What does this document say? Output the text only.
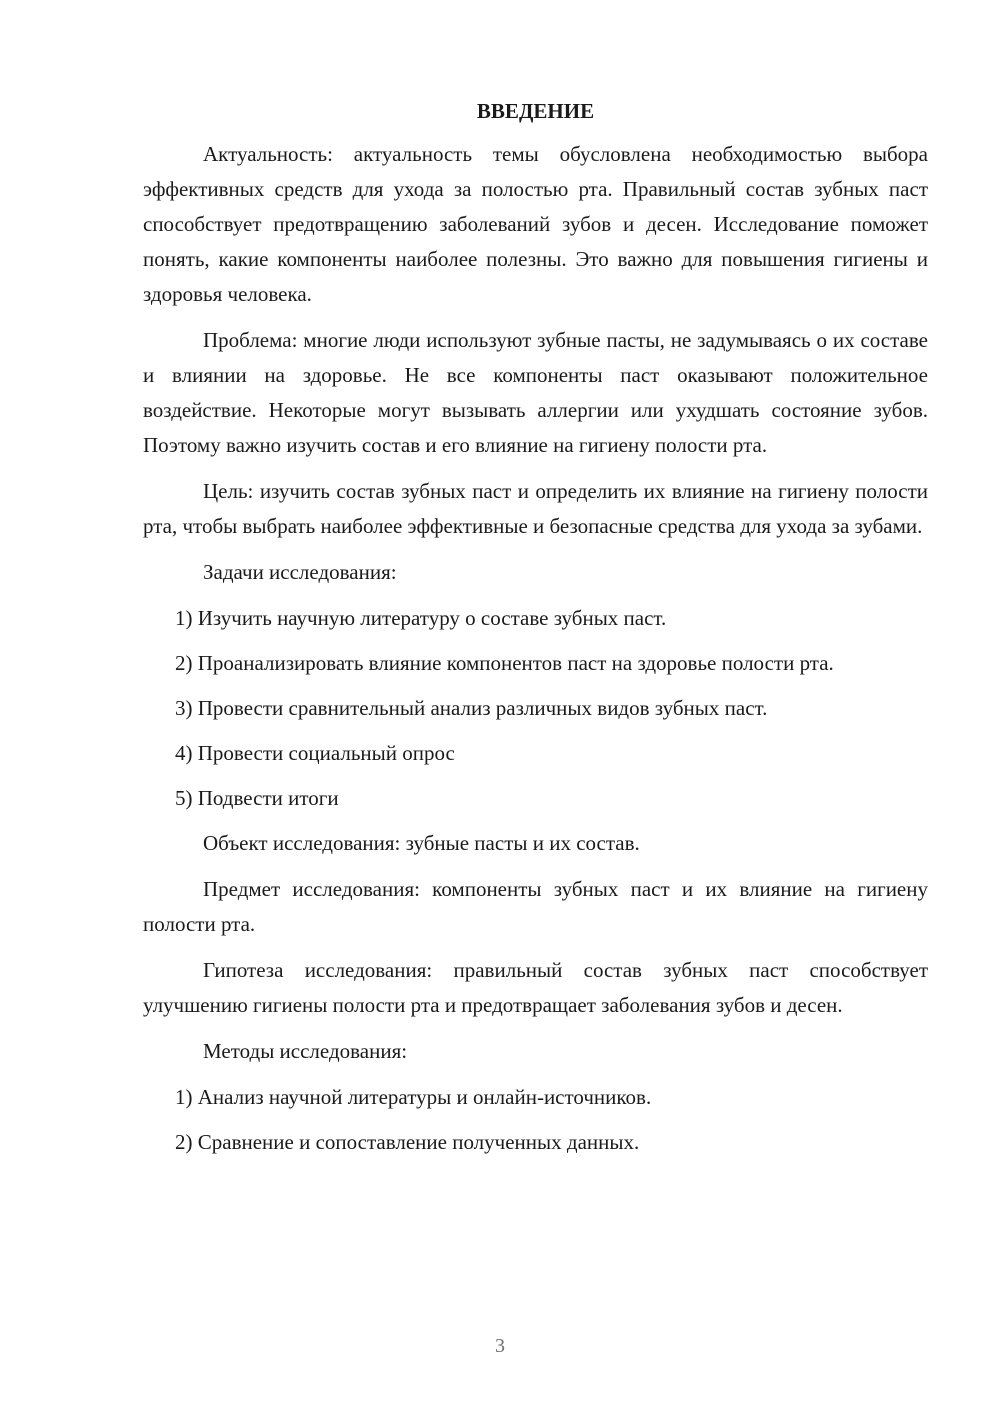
ВВЕДЕНИЕ

Актуальность: актуальность темы обусловлена необходимостью выбора эффективных средств для ухода за полостью рта. Правильный состав зубных паст способствует предотвращению заболеваний зубов и десен. Исследование поможет понять, какие компоненты наиболее полезны. Это важно для повышения гигиены и здоровья человека.

Проблема: многие люди используют зубные пасты, не задумываясь о их составе и влиянии на здоровье. Не все компоненты паст оказывают положительное воздействие. Некоторые могут вызывать аллергии или ухудшать состояние зубов. Поэтому важно изучить состав и его влияние на гигиену полости рта.

Цель: изучить состав зубных паст и определить их влияние на гигиену полости рта, чтобы выбрать наиболее эффективные и безопасные средства для ухода за зубами.

Задачи исследования:

1) Изучить научную литературу о составе зубных паст.

2) Проанализировать влияние компонентов паст на здоровье полости рта.

3) Провести сравнительный анализ различных видов зубных паст.

4) Провести социальный опрос

5) Подвести итоги

Объект исследования: зубные пасты и их состав.

Предмет исследования: компоненты зубных паст и их влияние на гигиену полости рта.

Гипотеза исследования: правильный состав зубных паст способствует улучшению гигиены полости рта и предотвращает заболевания зубов и десен.

Методы исследования:

1) Анализ научной литературы и онлайн-источников.

2) Сравнение и сопоставление полученных данных.

3
